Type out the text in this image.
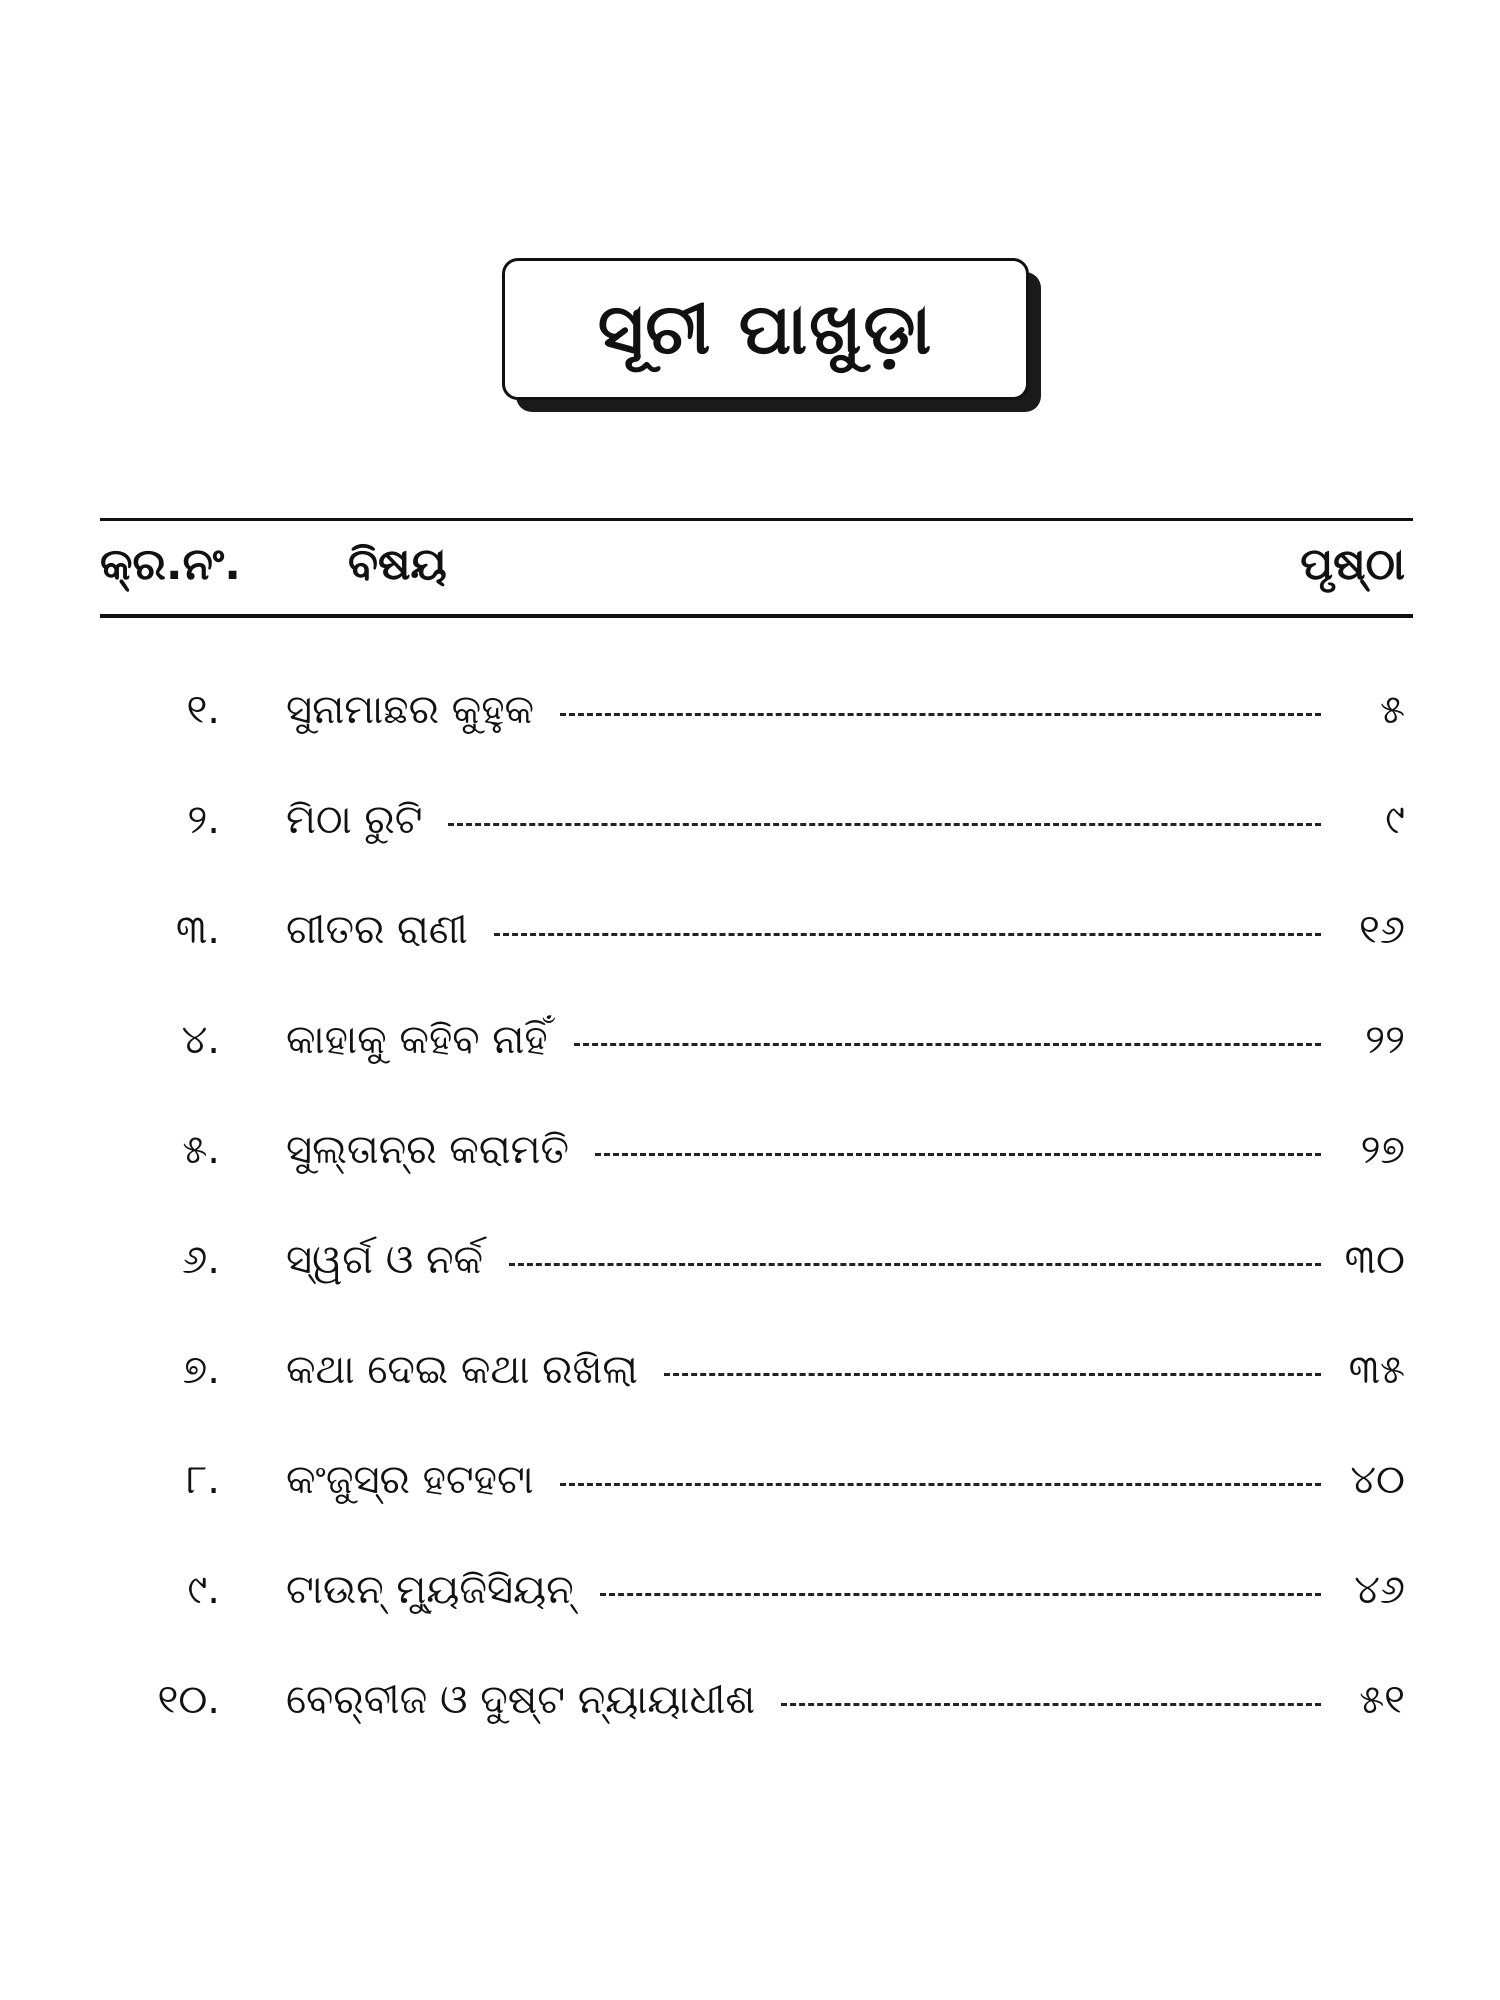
ସୂଚୀ ପାଖୁଡ଼ା
କ୍ର.ନଂ. ବିଷୟ	ପୃଷ୍ଠା
୧. ସୁନାମାଛର କୁହୁକ	୫
୨. ମିଠା ରୁଟି	୯
୩. ଗୀତର ରାଣୀ	୧୬
୪. କାହାକୁ କହିବ ନାହିଁ	୨୨
୫. ସୁଲ୍‌ତାନ୍‌ର କରାମତି	୨୭
୬. ସ୍ୱର୍ଗ ଓ ନର୍କ	୩୦
୭. କଥା ଦେଇ କଥା ରଖିଲା	୩୫
୮. କଂଜୁସ୍‌ର ହଟହଟା	୪୦
୯. ଟାଉନ୍ ମ୍ୟୁଜିସିୟନ୍	୪୬
୧୦. ବେର୍‌ବୀଜ ଓ ଦୁଷ୍ଟ ନ୍ୟାୟାଧୀଶ	୫୧
